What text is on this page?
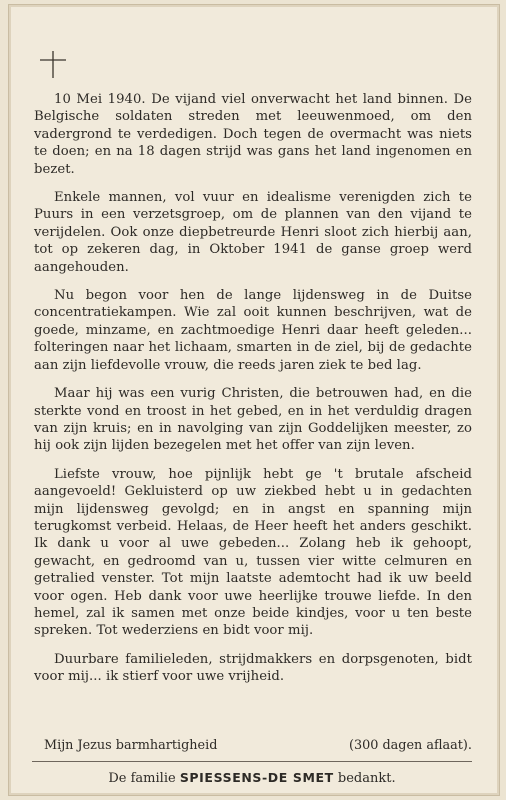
10 Mei 1940. De vijand viel onverwacht het land binnen. De Belgische soldaten streden met leeuwenmoed, om den vadergrond te verdedigen. Doch tegen de overmacht was niets te doen; en na 18 dagen strijd was gans het land ingenomen en bezet.

Enkele mannen, vol vuur en idealisme verenigden zich te Puurs in een verzetsgroep, om de plannen van den vijand te verijdelen. Ook onze diepbetreurde Henri sloot zich hierbij aan, tot op zekeren dag, in Oktober 1941 de ganse groep werd aangehouden.

Nu begon voor hen de lange lijdensweg in de Duitse concentratiekampen. Wie zal ooit kunnen beschrijven, wat de goede, minzame, en zachtmoedige Henri daar heeft geleden... folteringen naar het lichaam, smarten in de ziel, bij de gedachte aan zijn liefdevolle vrouw, die reeds jaren ziek te bed lag.

Maar hij was een vurig Christen, die betrouwen had, en die sterkte vond en troost in het gebed, en in het verduldig dragen van zijn kruis; en in navolging van zijn Goddelijken meester, zo hij ook zijn lijden bezegelen met het offer van zijn leven.

Liefste vrouw, hoe pijnlijk hebt ge 't brutale afscheid aangevoeld! Gekluisterd op uw ziekbed hebt u in gedachten mijn lijdensweg gevolgd; en in angst en spanning mijn terugkomst verbeid. Helaas, de Heer heeft het anders geschikt. Ik dank u voor al uwe gebeden... Zolang heb ik gehoopt, gewacht, en gedroomd van u, tussen vier witte celmuren en getralied venster. Tot mijn laatste ademtocht had ik uw beeld voor ogen. Heb dank voor uwe heerlijke trouwe liefde. In den hemel, zal ik samen met onze beide kindjes, voor u ten beste spreken. Tot wederziens en bidt voor mij.

Duurbare familieleden, strijdmakkers en dorpsgenoten, bidt voor mij... ik stierf voor uwe vrijheid.

Mijn Jezus barmhartigheid	(300 dagen aflaat).
De familie SPIESSENS-DE SMET bedankt.
